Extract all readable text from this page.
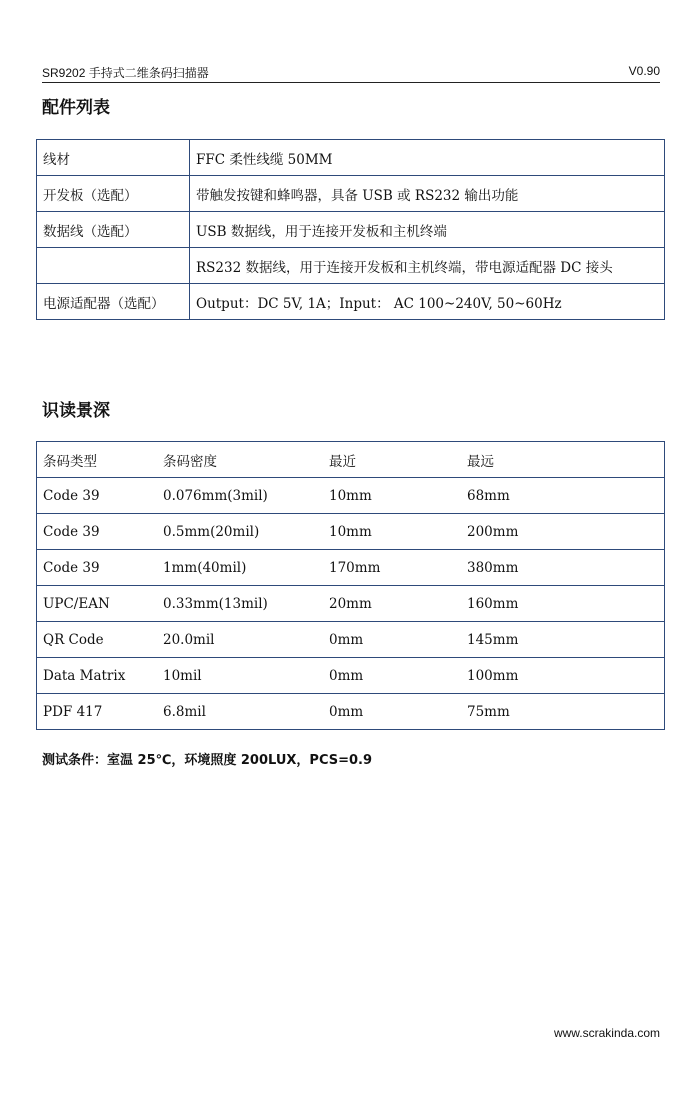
SR9202 手持式二维条码扫描器	V0.90
配件列表
线材	FFC 柔性线缆 50MM
开发板（选配）	带触发按键和蜂鸣器，具备 USB 或 RS232 输出功能
数据线（选配）	USB 数据线，用于连接开发板和主机终端
	RS232 数据线，用于连接开发板和主机终端，带电源适配器 DC 接头
电源适配器（选配）	Output：DC 5V, 1A；Input： AC 100~240V, 50~60Hz
识读景深
条码类型	条码密度	最近	最远
Code 39	0.076mm(3mil)	10mm	68mm
Code 39	0.5mm(20mil)	10mm	200mm
Code 39	1mm(40mil)	170mm	380mm
UPC/EAN	0.33mm(13mil)	20mm	160mm
QR Code	20.0mil	0mm	145mm
Data Matrix	10mil	0mm	100mm
PDF 417	6.8mil	0mm	75mm
测试条件：室温 25℃，环境照度 200LUX，PCS=0.9
www.scrakinda.com
